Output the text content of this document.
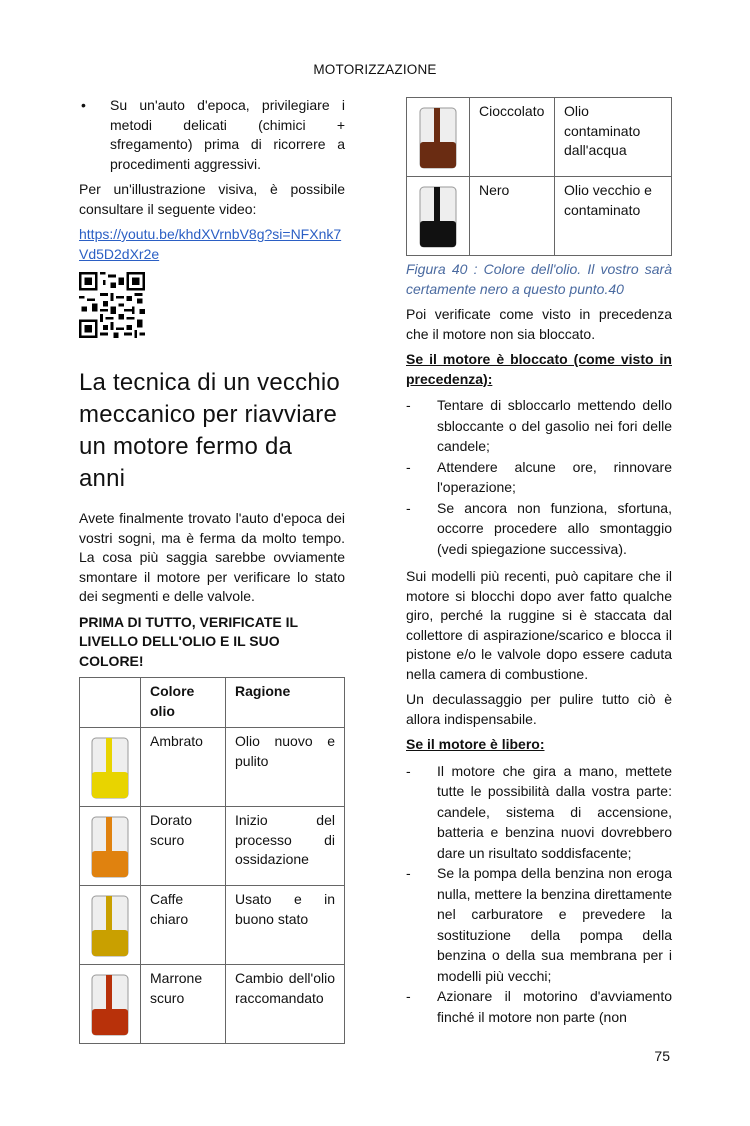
MOTORIZZAZIONE
• Su un'auto d'epoca, privilegiare i metodi delicati (chimici + sfregamento) prima di ricorrere a procedimenti aggressivi.

Per un'illustrazione visiva, è possibile consultare il seguente video:

https://youtu.be/khdXVrnbV8g?si=NFXnk7Vd5D2dXr2e

La tecnica di un vecchio meccanico per riavviare un motore fermo da anni

Avete finalmente trovato l'auto d'epoca dei vostri sogni, ma è ferma da molto tempo. La cosa più saggia sarebbe ovviamente smontare il motore per verificare lo stato dei segmenti e delle valvole.

PRIMA DI TUTTO, VERIFICATE IL LIVELLO DELL'OLIO E IL SUO COLORE!

	Colore olio	Ragione

	Ambrato	Olio nuovo e pulito

	Dorato scuro	Inizio del processo di ossidazione

	Caffe chiaro	Usato e in buono stato

	Marrone scuro	Cambio dell'olio raccomandato
	Cioccolato	Olio contaminato dall'acqua

	Nero	Olio vecchio e contaminato

Figura 40 : Colore dell'olio. Il vostro sarà certamente nero a questo punto.40

Poi verificate come visto in precedenza che il motore non sia bloccato.

Se il motore è bloccato (come visto in precedenza):

- Tentare di sbloccarlo mettendo dello sbloccante o del gasolio nei fori delle candele;
- Attendere alcune ore, rinnovare l'operazione;
- Se ancora non funziona, sfortuna, occorre procedere allo smontaggio (vedi spiegazione successiva).

Sui modelli più recenti, può capitare che il motore si blocchi dopo aver fatto qualche giro, perché la ruggine si è staccata dal collettore di aspirazione/scarico e blocca il pistone e/o le valvole dopo essere caduta nella camera di combustione.

Un deculassaggio per pulire tutto ciò è allora indispensabile.

Se il motore è libero:

- Il motore che gira a mano, mettete tutte le possibilità dalla vostra parte: candele, sistema di accensione, batteria e benzina nuovi dovrebbero dare un risultato soddisfacente;
- Se la pompa della benzina non eroga nulla, mettere la benzina direttamente nel carburatore e prevedere la sostituzione della pompa della benzina o della sua membrana per i modelli più vecchi;
- Azionare il motorino d'avviamento finché il motore non parte (non
75
